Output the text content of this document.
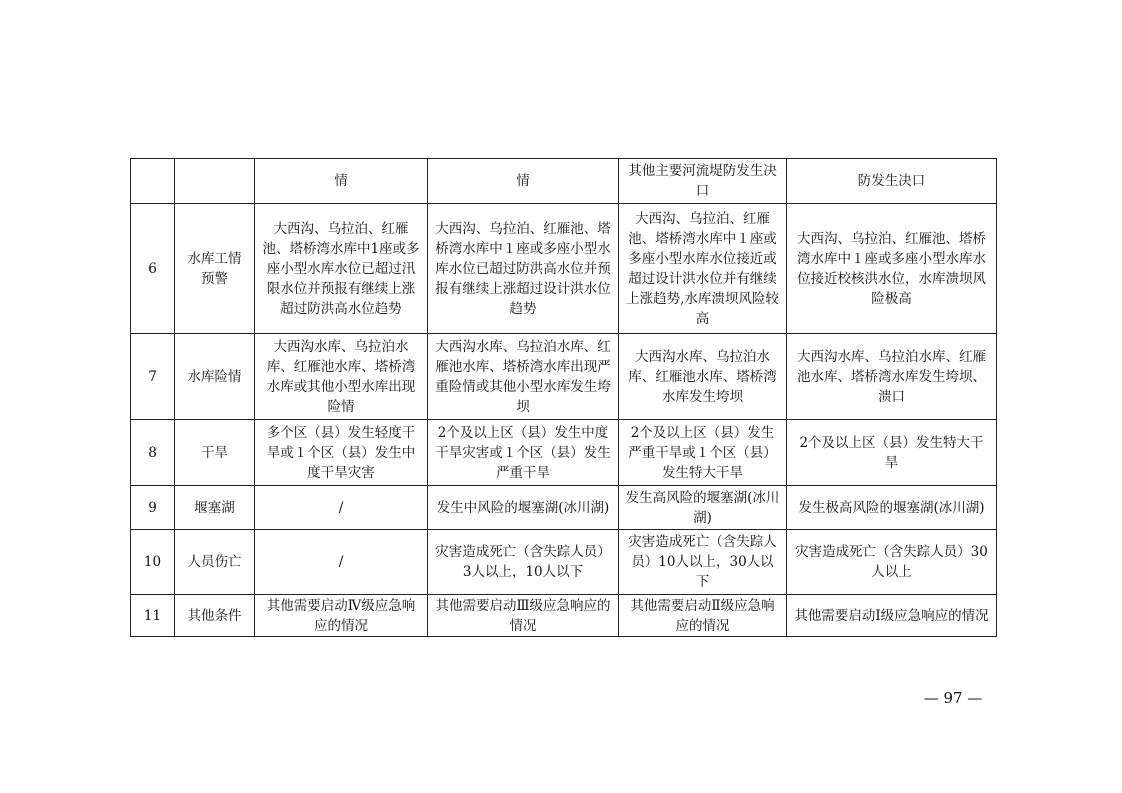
		情	情	其他主要河流堤防发生决口	防发生决口
6	水库工情预警	大西沟、乌拉泊、红雁池、塔桥湾水库中1座或多座小型水库水位已超过汛限水位并预报有继续上涨超过防洪高水位趋势	大西沟、乌拉泊、红雁池、塔桥湾水库中１座或多座小型水库水位已超过防洪高水位并预报有继续上涨超过设计洪水位趋势	大西沟、乌拉泊、红雁池、塔桥湾水库中１座或多座小型水库水位接近或超过设计洪水位并有继续上涨趋势,水库溃坝风险较高	大西沟、乌拉泊、红雁池、塔桥湾水库中１座或多座小型水库水位接近校核洪水位，水库溃坝风险极高
7	水库险情	大西沟水库、乌拉泊水库、红雁池水库、塔桥湾水库或其他小型水库出现险情	大西沟水库、乌拉泊水库、红雁池水库、塔桥湾水库出现严重险情或其他小型水库发生垮坝	大西沟水库、乌拉泊水库、红雁池水库、塔桥湾水库发生垮坝	大西沟水库、乌拉泊水库、红雁池水库、塔桥湾水库发生垮坝、溃口
8	干旱	多个区（县）发生轻度干旱或１个区（县）发生中度干旱灾害	2个及以上区（县）发生中度干旱灾害或１个区（县）发生严重干旱	2个及以上区（县）发生严重干旱或１个区（县）发生特大干旱	2个及以上区（县）发生特大干旱
9	堰塞湖	/	发生中风险的堰塞湖(冰川湖)	发生高风险的堰塞湖(冰川湖)	发生极高风险的堰塞湖(冰川湖)
10	人员伤亡	/	灾害造成死亡（含失踪人员）3人以上，10人以下	灾害造成死亡（含失踪人员）10人以上，30人以下	灾害造成死亡（含失踪人员）30人以上
11	其他条件	其他需要启动Ⅳ级应急响应的情况	其他需要启动Ⅲ级应急响应的情况	其他需要启动Ⅱ级应急响应的情况	其他需要启动Ⅰ级应急响应的情况
— 97 —
